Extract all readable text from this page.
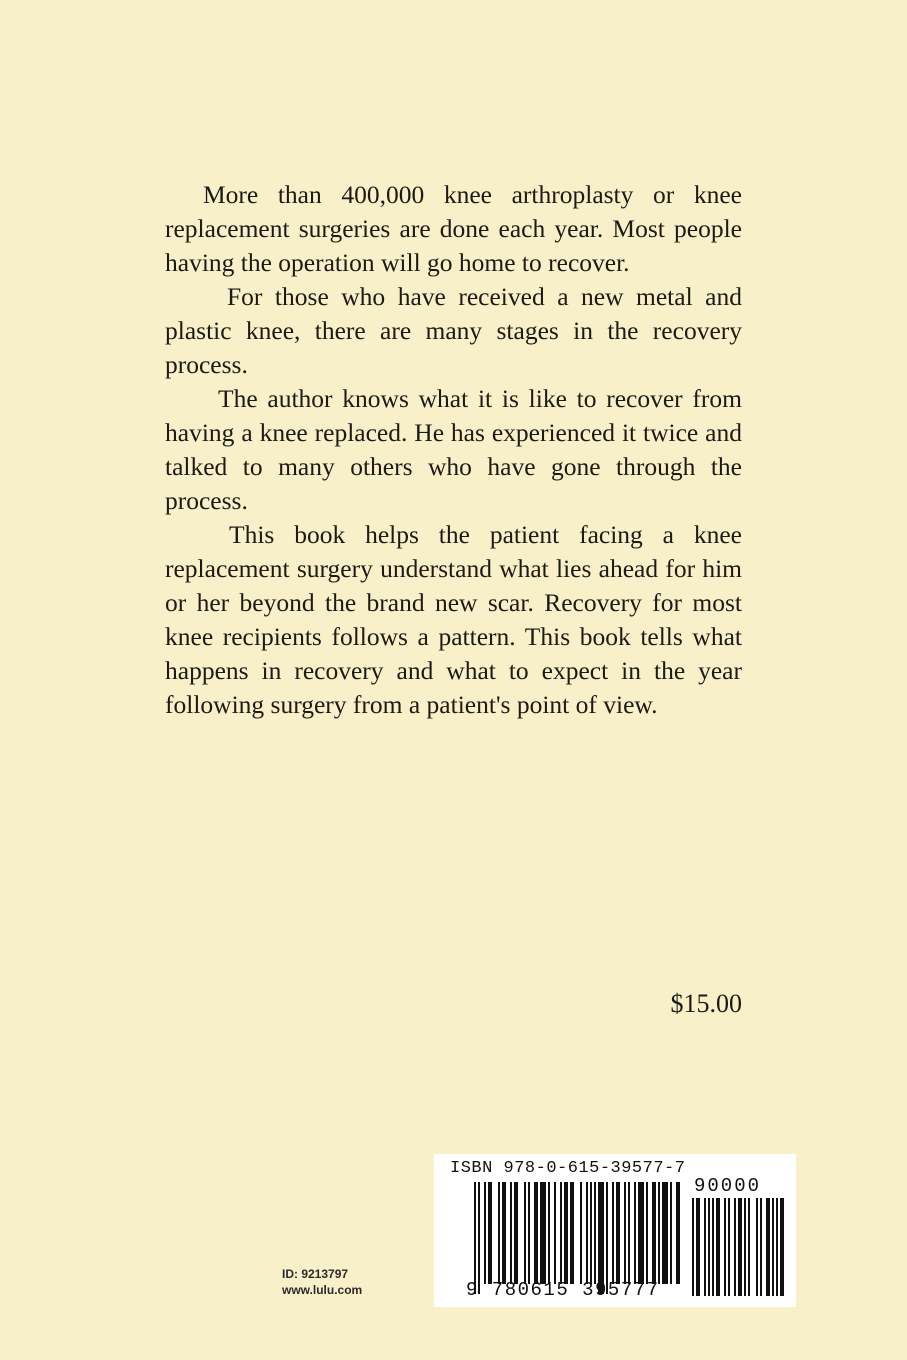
More than 400,000 knee arthroplasty or knee replacement surgeries are done each year. Most people having the operation will go home to recover.

For those who have received a new metal and plastic knee, there are many stages in the recovery process.

The author knows what it is like to recover from having a knee replaced. He has experienced it twice and talked to many others who have gone through the process.

This book helps the patient facing a knee replacement surgery understand what lies ahead for him or her beyond the brand new scar. Recovery for most knee recipients follows a pattern. This book tells what happens in recovery and what to expect in the year following surgery from a patient's point of view.

$15.00
ID: 9213797
www.lulu.com
ISBN 978-0-615-39577-7
90000
9 780615 395777
